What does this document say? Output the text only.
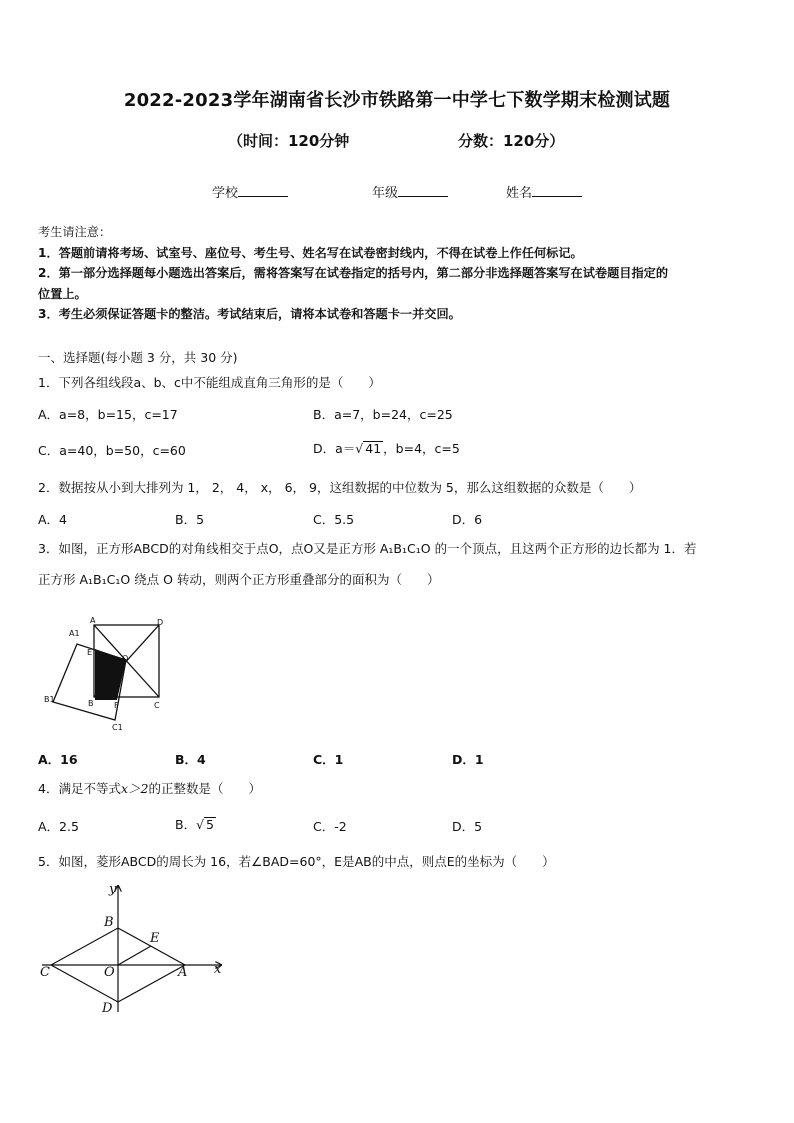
2022-2023学年湖南省长沙市铁路第一中学七下数学期末检测试题
（时间：120分钟	分数：120分）
学校	年级	姓名
考生请注意：
1．答题前请将考场、试室号、座位号、考生号、姓名写在试卷密封线内，不得在试卷上作任何标记。
2．第一部分选择题每小题选出答案后，需将答案写在试卷指定的括号内，第二部分非选择题答案写在试卷题目指定的
位置上。
3．考生必须保证答题卡的整洁。考试结束后，请将本试卷和答题卡一并交回。
一、选择题(每小题 3 分，共 30 分)
1．下列各组线段a、b、c中不能组成直角三角形的是（　　）
A．a=8，b=15，c=17	B．a=7，b=24，c=25
C．a=40，b=50，c=60	D．a＝√ 41 ，b=4，c=5
2．数据按从小到大排列为 1， 2， 4， x， 6， 9，这组数据的中位数为 5，那么这组数据的众数是（　　）
A．4	B．5	C．5.5	D．6
3．如图，正方形ABCD的对角线相交于点O，点O又是正方形 A₁B₁C₁O 的一个顶点，且这两个正方形的边长都为 1．若
正方形 A₁B₁C₁O 绕点 O 转动，则两个正方形重叠部分的面积为（　　）
A1
A	D
E
O
B1	B	F	C
C1
A．16	B．4	C．1	D．1
4．满足不等式x＞2的正整数是（　　）
A．2.5	B．√ 5	C．-2	D．5
5．如图，菱形ABCD的周长为 16，若∠BAD=60°，E是AB的中点，则点E的坐标为（　　）
y
x
B
E
C	O	A
D
